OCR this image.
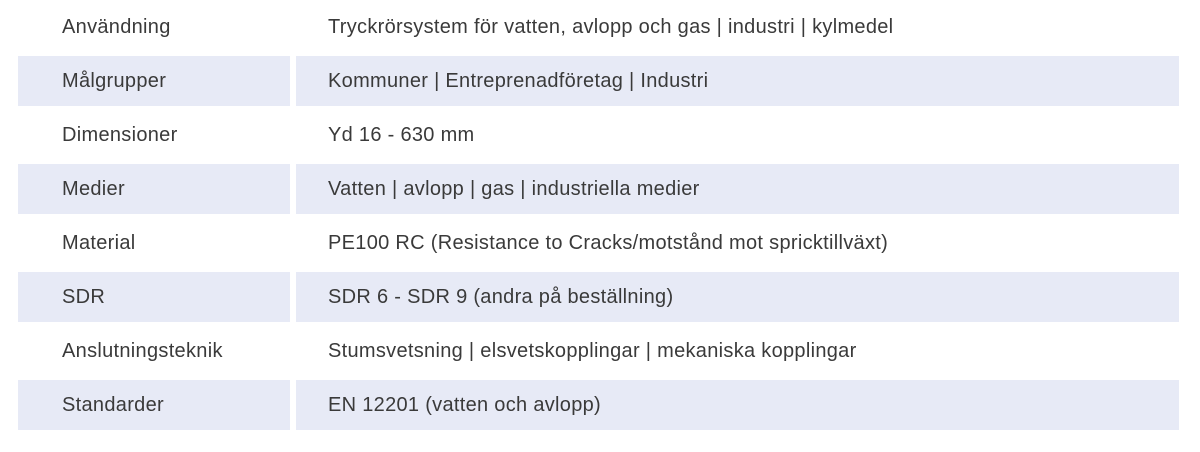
Användning	Tryckrörsystem för vatten, avlopp och gas | industri | kylmedel
Målgrupper	Kommuner | Entreprenadföretag | Industri
Dimensioner	Yd 16 - 630 mm
Medier	Vatten | avlopp | gas | industriella medier
Material	PE100 RC (Resistance to Cracks/motstånd mot spricktillväxt)
SDR	SDR 6 - SDR 9 (andra på beställning)
Anslutningsteknik	Stumsvetsning | elsvetskopplingar | mekaniska kopplingar
Standarder	EN 12201 (vatten och avlopp)
